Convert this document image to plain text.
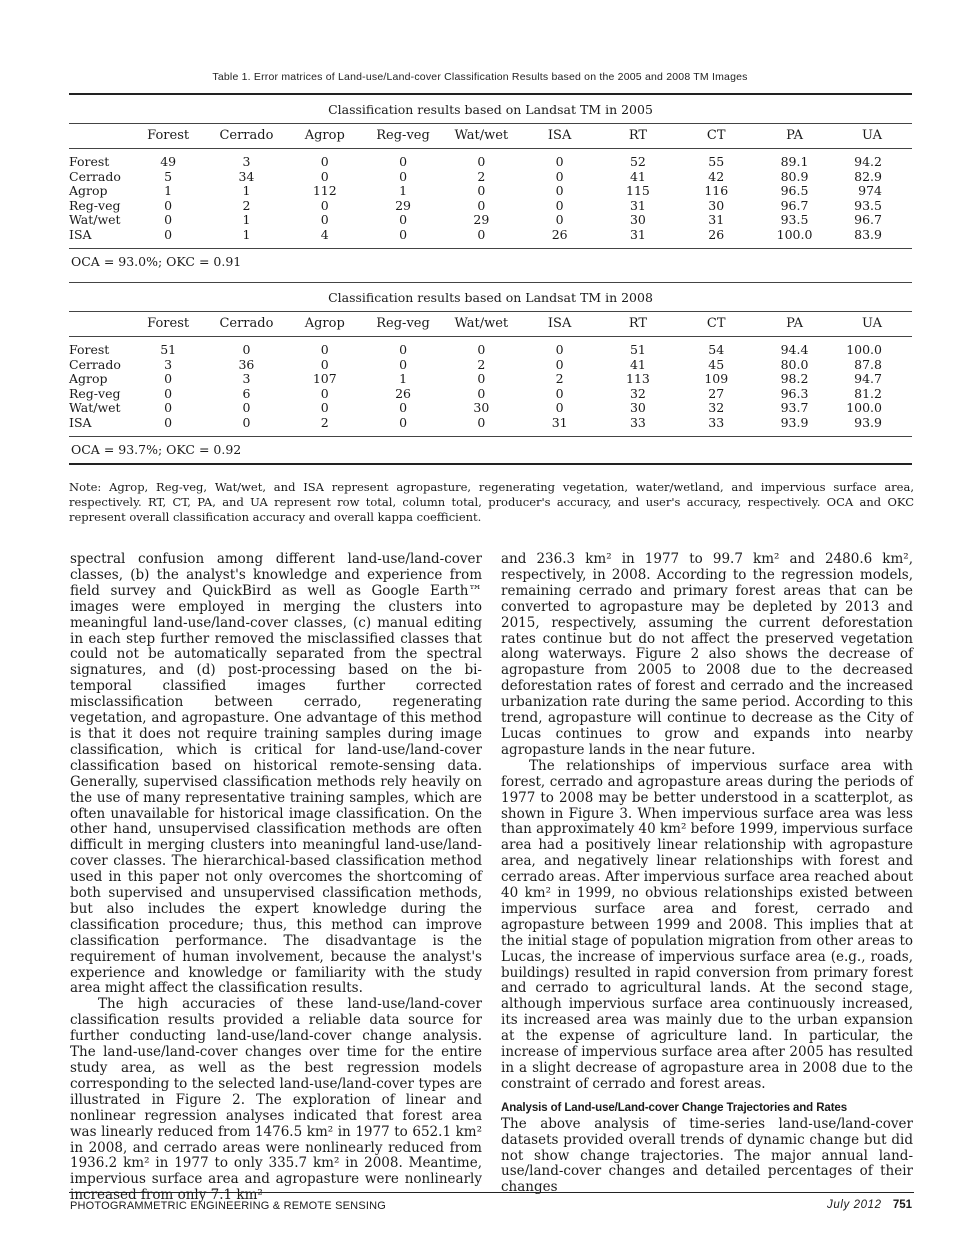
Table 1. Error matrices of Land-use/Land-cover Classification Results based on the 2005 and 2008 TM Images
Classification results based on Landsat TM in 2005
Forest	Cerrado	Agrop	Reg-veg	Wat/wet	ISA	RT	CT	PA	UA
Forest	49	3	0	0	0	0	52	55	89.1	94.2
Cerrado	5	34	0	0	2	0	41	42	80.9	82.9
Agrop	1	1	112	1	0	0	115	116	96.5	974
Reg-veg	0	2	0	29	0	0	31	30	96.7	93.5
Wat/wet	0	1	0	0	29	0	30	31	93.5	96.7
ISA	0	1	4	0	0	26	31	26	100.0	83.9
OCA = 93.0%; OKC = 0.91
Classification results based on Landsat TM in 2008
Forest	Cerrado	Agrop	Reg-veg	Wat/wet	ISA	RT	CT	PA	UA
Forest	51	0	0	0	0	0	51	54	94.4	100.0
Cerrado	3	36	0	0	2	0	41	45	80.0	87.8
Agrop	0	3	107	1	0	2	113	109	98.2	94.7
Reg-veg	0	6	0	26	0	0	32	27	96.3	81.2
Wat/wet	0	0	0	0	30	0	30	32	93.7	100.0
ISA	0	0	2	0	0	31	33	33	93.9	93.9
OCA = 93.7%; OKC = 0.92
Note: Agrop, Reg-veg, Wat/wet, and ISA represent agropasture, regenerating vegetation, water/wetland, and impervious surface area, respectively. RT, CT, PA, and UA represent row total, column total, producer's accuracy, and user's accuracy, respectively. OCA and OKC represent overall classification accuracy and overall kappa coefficient.

spectral confusion among different land-use/land-cover classes, (b) the analyst's knowledge and experience from field survey and QuickBird as well as Google Earth™ images were employed in merging the clusters into meaningful land-use/land-cover classes, (c) manual editing in each step further removed the misclassified classes that could not be automatically separated from the spectral signatures, and (d) post-processing based on the bi-temporal classified images further corrected misclassification between cerrado, regenerating vegetation, and agropasture. One advantage of this method is that it does not require training samples during image classification, which is critical for land-use/land-cover classification based on historical remote-sensing data. Generally, supervised classification methods rely heavily on the use of many representative training samples, which are often unavailable for historical image classification. On the other hand, unsupervised classification methods are often difficult in merging clusters into meaningful land-use/land-cover classes. The hierarchical-based classification method used in this paper not only overcomes the shortcoming of both supervised and unsupervised classification methods, but also includes the expert knowledge during the classification procedure; thus, this method can improve classification performance. The disadvantage is the requirement of human involvement, because the analyst's experience and knowledge or familiarity with the study area might affect the classification results.

The high accuracies of these land-use/land-cover classification results provided a reliable data source for further conducting land-use/land-cover change analysis. The land-use/land-cover changes over time for the entire study area, as well as the best regression models corresponding to the selected land-use/land-cover types are illustrated in Figure 2. The exploration of linear and nonlinear regression analyses indicated that forest area was linearly reduced from 1476.5 km² in 1977 to 652.1 km² in 2008, and cerrado areas were nonlinearly reduced from 1936.2 km² in 1977 to only 335.7 km² in 2008. Meantime, impervious surface area and agropasture were nonlinearly increased from only 7.1 km²

and 236.3 km² in 1977 to 99.7 km² and 2480.6 km², respectively, in 2008. According to the regression models, remaining cerrado and primary forest areas that can be converted to agropasture may be depleted by 2013 and 2015, respectively, assuming the current deforestation rates continue but do not affect the preserved vegetation along waterways. Figure 2 also shows the decrease of agropasture from 2005 to 2008 due to the decreased deforestation rates of forest and cerrado and the increased urbanization rate during the same period. According to this trend, agropasture will continue to decrease as the City of Lucas continues to grow and expands into nearby agropasture lands in the near future.

The relationships of impervious surface area with forest, cerrado and agropasture areas during the periods of 1977 to 2008 may be better understood in a scatterplot, as shown in Figure 3. When impervious surface area was less than approximately 40 km² before 1999, impervious surface area had a positively linear relationship with agropasture area, and negatively linear relationships with forest and cerrado areas. After impervious surface area reached about 40 km² in 1999, no obvious relationships existed between impervious surface area and forest, cerrado and agropasture between 1999 and 2008. This implies that at the initial stage of population migration from other areas to Lucas, the increase of impervious surface area (e.g., roads, buildings) resulted in rapid conversion from primary forest and cerrado to agricultural lands. At the second stage, although impervious surface area continuously increased, its increased area was mainly due to the urban expansion at the expense of agriculture land. In particular, the increase of impervious surface area after 2005 has resulted in a slight decrease of agropasture area in 2008 due to the constraint of cerrado and forest areas.

Analysis of Land-use/Land-cover Change Trajectories and Rates

The above analysis of time-series land-use/land-cover datasets provided overall trends of dynamic change but did not show change trajectories. The major annual land-use/land-cover changes and detailed percentages of their changes

PHOTOGRAMMETRIC ENGINEERING & REMOTE SENSING	July 2012 751
